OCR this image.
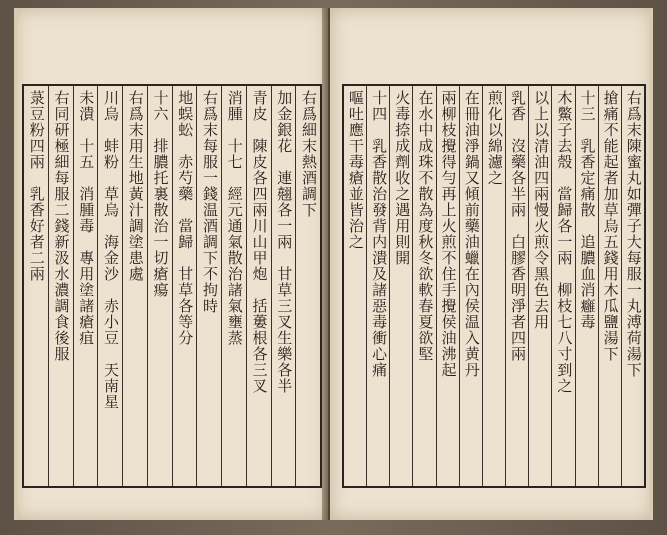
右爲細末熱酒調下
加金銀花　連翹各一兩　甘草三叉生樂各半
青皮　陳皮各四兩川山甲炮　括蔞根各三叉
消腫　十七　經元通氣散治諸氣壅蒸
右爲末每服一錢温酒調下不拘時
地蜈蚣　赤芍藥　當歸　甘草各等分
十六　排膿托裏散治一切瘡瘍
右爲末用生地黃汁調塗患處
川烏　蚌粉　草烏　海金沙　赤小豆　天南星
未潰　十五　消腫毒　專用塗諸瘡疽
右同研極細每服二錢新汲水濃調食後服
菉豆粉四兩　乳香好者二兩	右爲末陳蜜丸如彈子大每服一丸溥荷湯下
搶痛不能起者加草烏五錢用木瓜鹽湯下
十三　乳香定痛散　追膿血消癰毒
木鱉子去殼　當歸各一兩　柳枝七八寸到之
以上以清油四兩慢火煎令黑色去用
乳香　沒藥各半兩　白膠香明淨者四兩
煎化以綿濾之
在冊油淨鍋又傾前藥油蠟在內侯温入黄丹
兩柳枝攪得勻再上火煎不住手攪侯油沸起
在水中成珠不散為度秋冬欲軟春夏欲堅
火毒捺成劑收之遇用則開
十四　乳香散治發背内潰及諸惡毒衝心痛
嘔吐應干毒瘡並皆治之
